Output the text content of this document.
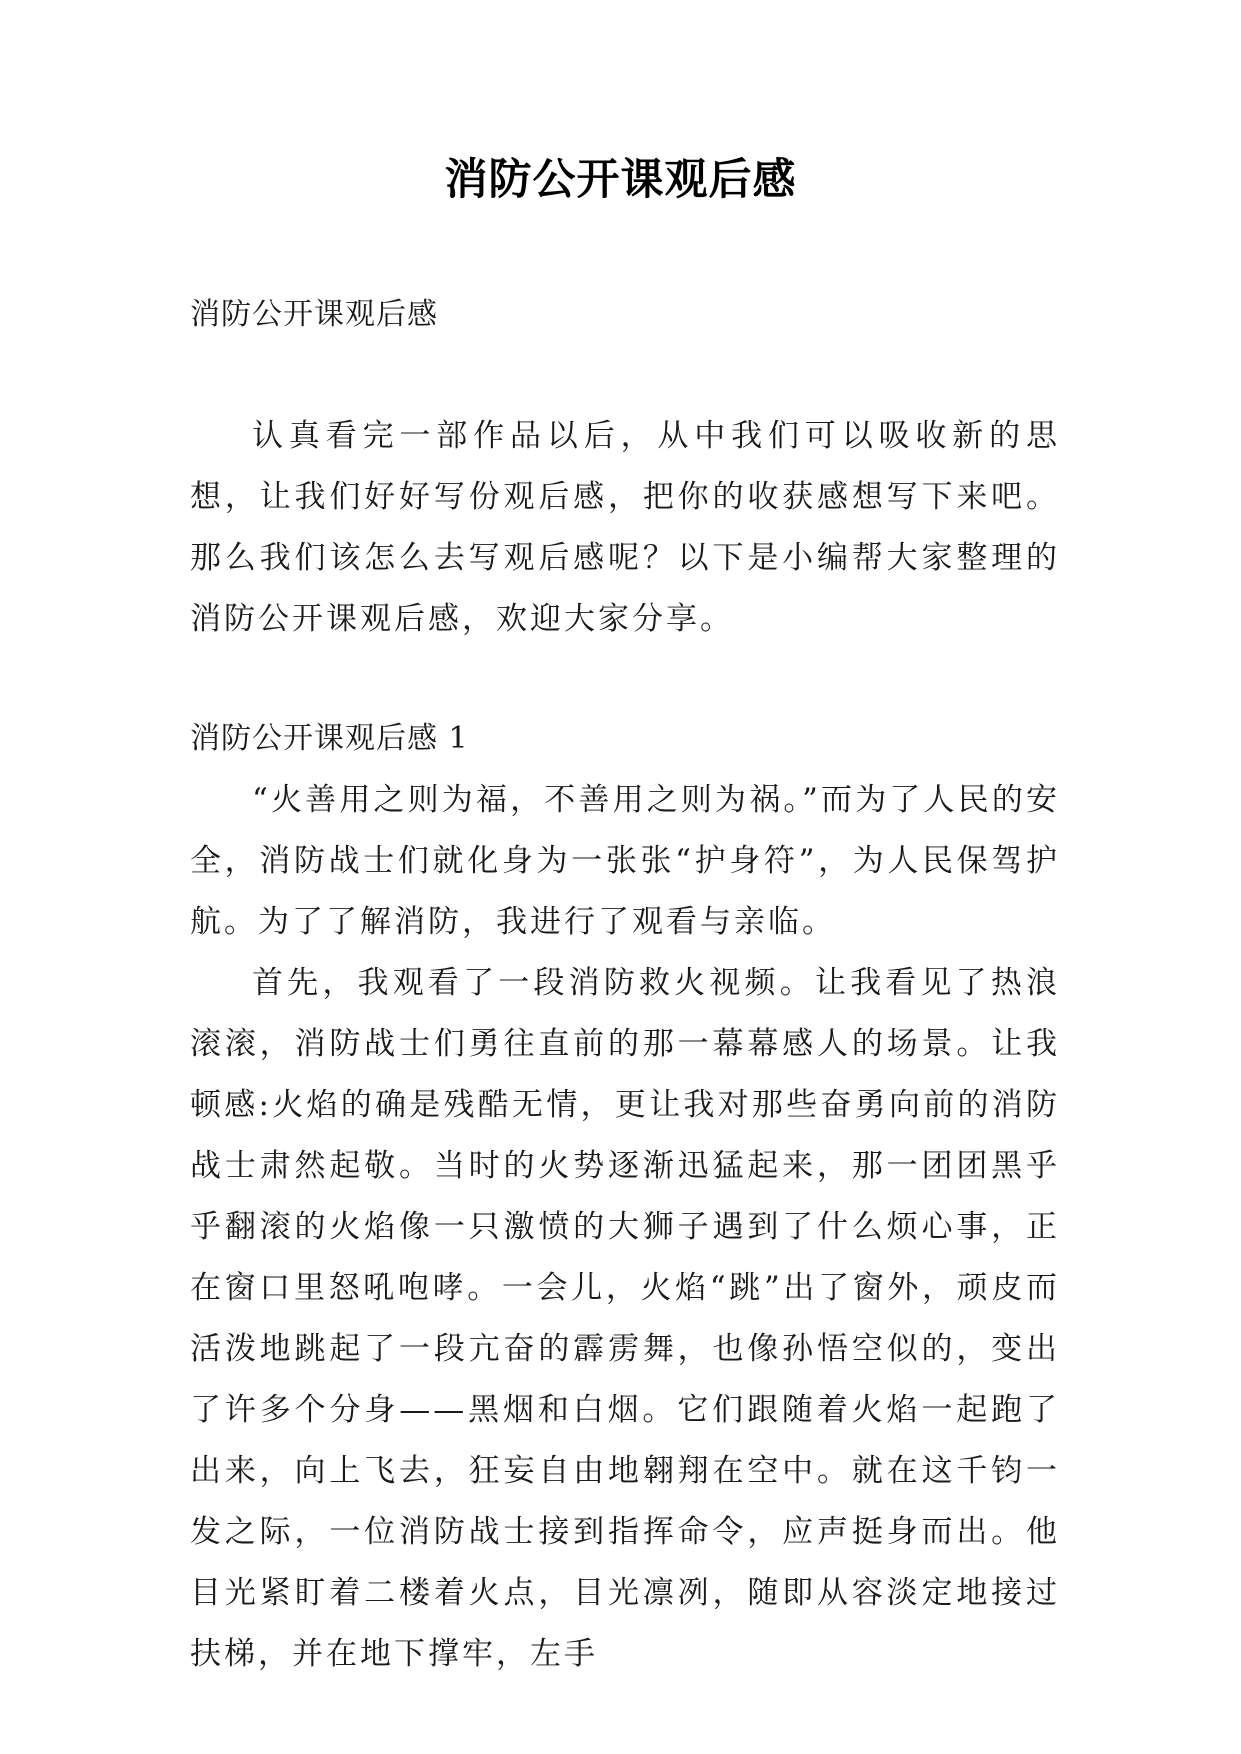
消防公开课观后感

消防公开课观后感

认真看完一部作品以后，从中我们可以吸收新的思想，让我们好好写份观后感，把你的收获感想写下来吧。那么我们该怎么去写观后感呢？以下是小编帮大家整理的消防公开课观后感，欢迎大家分享。

消防公开课观后感 1

“火善用之则为福，不善用之则为祸。”而为了人民的安全，消防战士们就化身为一张张“护身符”，为人民保驾护航。为了了解消防，我进行了观看与亲临。

首先，我观看了一段消防救火视频。让我看见了热浪滚滚，消防战士们勇往直前的那一幕幕感人的场景。让我顿感:火焰的确是残酷无情，更让我对那些奋勇向前的消防战士肃然起敬。当时的火势逐渐迅猛起来，那一团团黑乎乎翻滚的火焰像一只激愤的大狮子遇到了什么烦心事，正在窗口里怒吼咆哮。一会儿，火焰“跳”出了窗外，顽皮而活泼地跳起了一段亢奋的霹雳舞，也像孙悟空似的，变出了许多个分身——黑烟和白烟。它们跟随着火焰一起跑了出来，向上飞去，狂妄自由地翱翔在空中。就在这千钧一发之际，一位消防战士接到指挥命令，应声挺身而出。他目光紧盯着二楼着火点，目光凛冽，随即从容淡定地接过扶梯，并在地下撑牢，左手
